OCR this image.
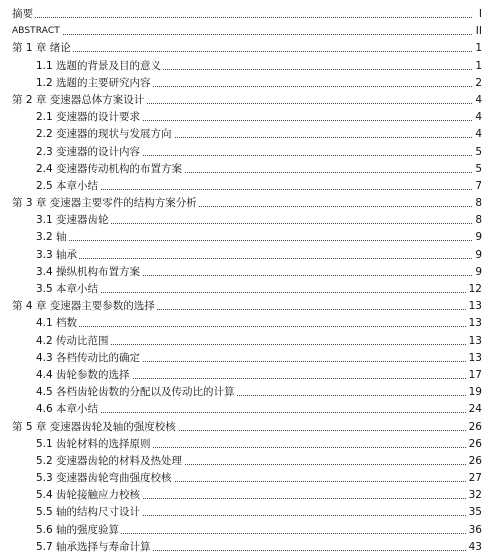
摘要	I
ABSTRACT	II
第 1 章 绪论	1
1.1 选题的背景及目的意义	1
1.2 选题的主要研究内容	2
第 2 章 变速器总体方案设计	4
2.1 变速器的设计要求	4
2.2 变速器的现状与发展方向	4
2.3 变速器的设计内容	5
2.4 变速器传动机构的布置方案	5
2.5 本章小结	7
第 3 章 变速器主要零件的结构方案分析	8
3.1 变速器齿轮	8
3.2 轴	9
3.3 轴承	9
3.4 操纵机构布置方案	9
3.5 本章小结	12
第 4 章 变速器主要参数的选择	13
4.1 档数	13
4.2 传动比范围	13
4.3 各档传动比的确定	13
4.4 齿轮参数的选择	17
4.5 各档齿轮齿数的分配以及传动比的计算	19
4.6 本章小结	24
第 5 章 变速器齿轮及轴的强度校核	26
5.1 齿轮材料的选择原则	26
5.2 变速器齿轮的材料及热处理	26
5.3 变速器齿轮弯曲强度校核	27
5.4 齿轮接触应力校核	32
5.5 轴的结构尺寸设计	35
5.6 轴的强度验算	36
5.7 轴承选择与寿命计算	43
